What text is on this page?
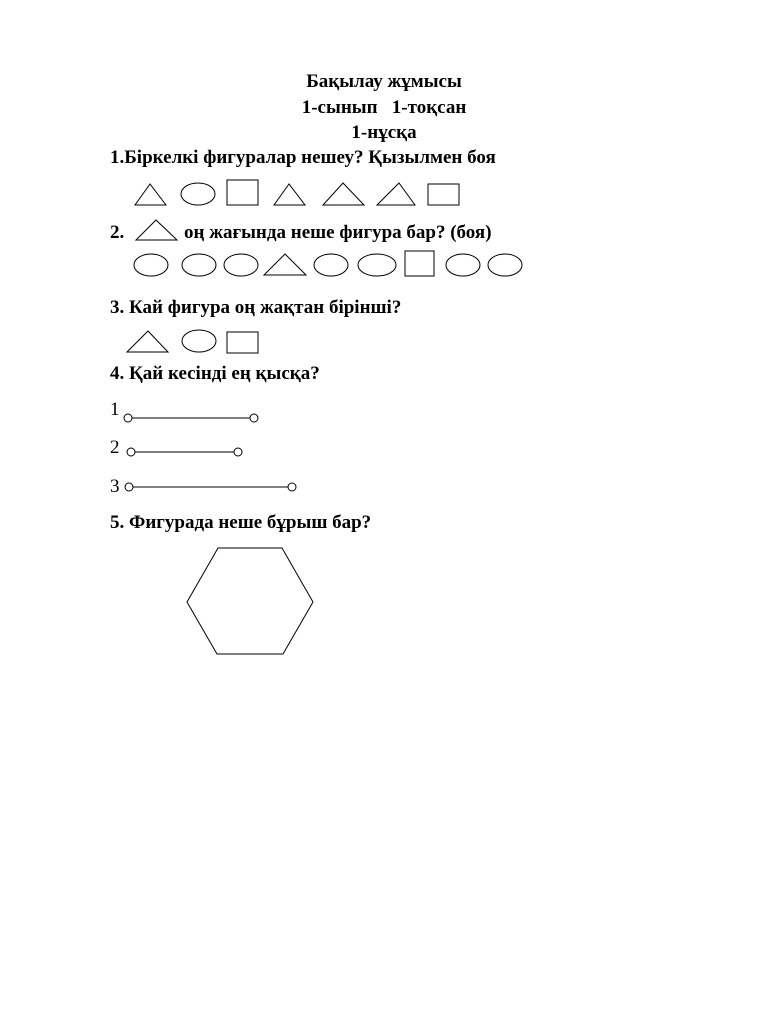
Бақылау жұмысы
1-сынып   1-тоқсан
1-нұсқа
1.Біркелкі фигуралар нешеу? Қызылмен боя
2.	оң жағында неше фигура бар? (боя)
3. Кай фигура оң жақтан бірінші?
4. Қай кесінді ең қысқа?
1
2
3
5. Фигурада неше бұрыш бар?
